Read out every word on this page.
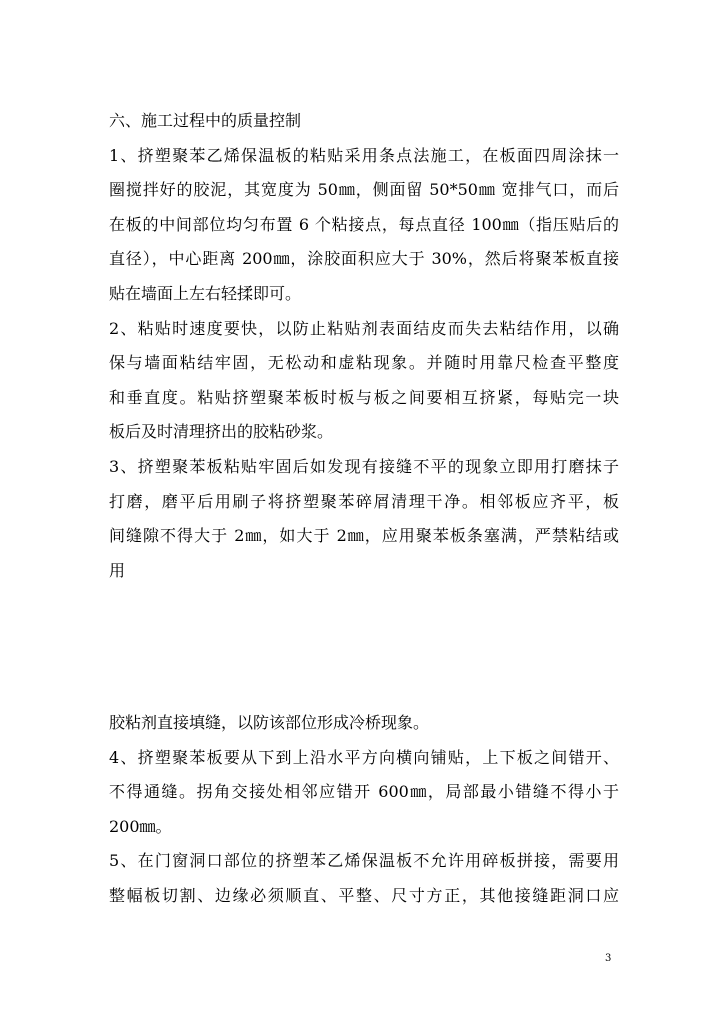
六、施工过程中的质量控制
1、挤塑聚苯乙烯保温板的粘贴采用条点法施工，在板面四周涂抹一
圈搅拌好的胶泥，其宽度为 50㎜，侧面留 50*50㎜ 宽排气口，而后
在板的中间部位均匀布置 6 个粘接点，每点直径 100㎜（指压贴后的
直径），中心距离 200㎜，涂胶面积应大于 30%，然后将聚苯板直接
贴在墙面上左右轻揉即可。
2、粘贴时速度要快，以防止粘贴剂表面结皮而失去粘结作用，以确
保与墙面粘结牢固，无松动和虚粘现象。并随时用靠尺检查平整度
和垂直度。粘贴挤塑聚苯板时板与板之间要相互挤紧，每贴完一块
板后及时清理挤出的胶粘砂浆。
3、挤塑聚苯板粘贴牢固后如发现有接缝不平的现象立即用打磨抹子
打磨，磨平后用刷子将挤塑聚苯碎屑清理干净。相邻板应齐平，板
间缝隙不得大于 2㎜，如大于 2㎜，应用聚苯板条塞满，严禁粘结或
用
胶粘剂直接填缝，以防该部位形成冷桥现象。
4、挤塑聚苯板要从下到上沿水平方向横向铺贴，上下板之间错开、
不得通缝。拐角交接处相邻应错开 600㎜，局部最小错缝不得小于
200㎜。
5、在门窗洞口部位的挤塑苯乙烯保温板不允许用碎板拼接，需要用
整幅板切割、边缘必须顺直、平整、尺寸方正，其他接缝距洞口应
3
